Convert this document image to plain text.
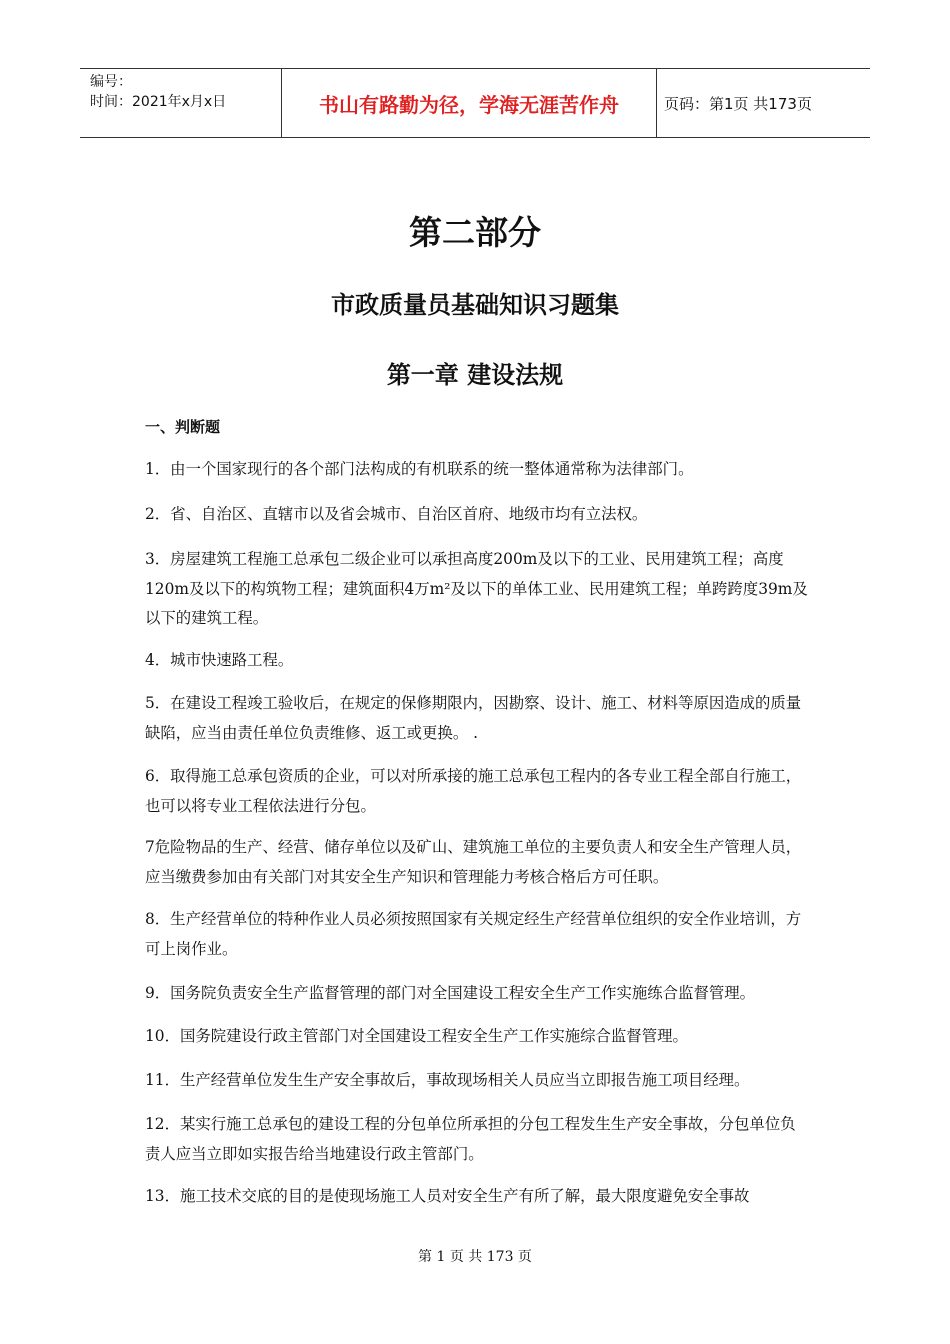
编号：
时间：2021年x月x日	书山有路勤为径，学海无涯苦作舟	页码：第1页 共173页
第二部分
市政质量员基础知识习题集
第一章 建设法规
一、判断题
1．由一个国家现行的各个部门法构成的有机联系的统一整体通常称为法律部门。
2．省、自治区、直辖市以及省会城市、自治区首府、地级市均有立法权。
3．房屋建筑工程施工总承包二级企业可以承担高度200m及以下的工业、民用建筑工程；高度120m及以下的构筑物工程；建筑面积4万m²及以下的单体工业、民用建筑工程；单跨跨度39m及以下的建筑工程。
4．城市快速路工程。
5．在建设工程竣工验收后，在规定的保修期限内，因勘察、设计、施工、材料等原因造成的质量缺陷，应当由责任单位负责维修、返工或更换。 .
6．取得施工总承包资质的企业，可以对所承接的施工总承包工程内的各专业工程全部自行施工，也可以将专业工程依法进行分包。
7危险物品的生产、经营、储存单位以及矿山、建筑施工单位的主要负责人和安全生产管理人员，应当缴费参加由有关部门对其安全生产知识和管理能力考核合格后方可任职。
8．生产经营单位的特种作业人员必须按照国家有关规定经生产经营单位组织的安全作业培训，方可上岗作业。
9．国务院负责安全生产监督管理的部门对全国建设工程安全生产工作实施练合监督管理。
10．国务院建设行政主管部门对全国建设工程安全生产工作实施综合监督管理。
11．生产经营单位发生生产安全事故后，事故现场相关人员应当立即报告施工项目经理。
12．某实行施工总承包的建设工程的分包单位所承担的分包工程发生生产安全事故，分包单位负责人应当立即如实报告给当地建设行政主管部门。
13．施工技术交底的目的是使现场施工人员对安全生产有所了解，最大限度避免安全事故
第 1 页 共 173 页
